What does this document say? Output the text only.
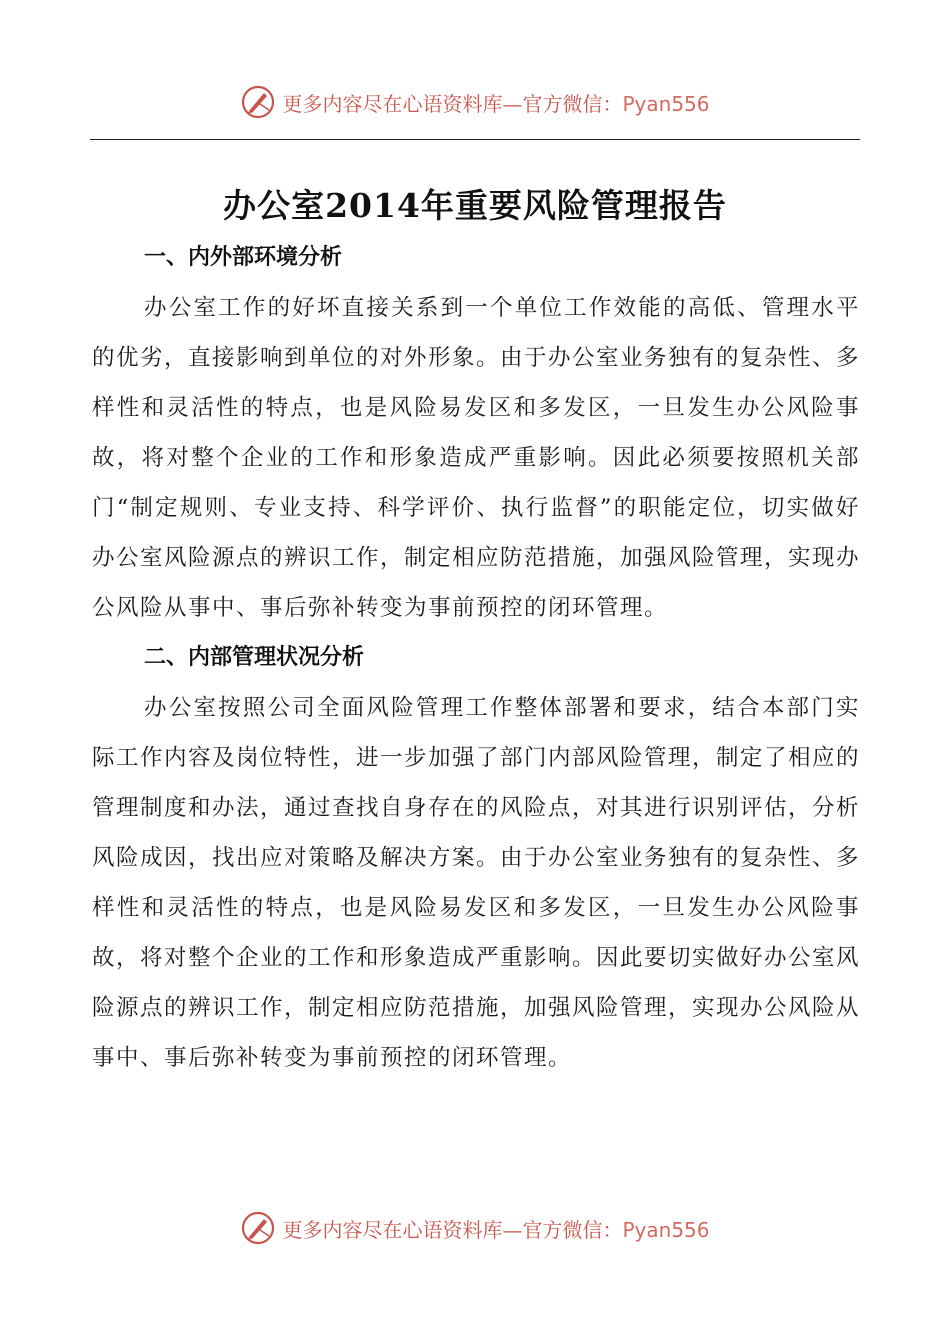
更多内容尽在心语资料库—官方微信：Pyan556
办公室2014年重要风险管理报告

一、内外部环境分析

办公室工作的好坏直接关系到一个单位工作效能的高低、管理水平的优劣，直接影响到单位的对外形象。由于办公室业务独有的复杂性、多样性和灵活性的特点，也是风险易发区和多发区，一旦发生办公风险事故，将对整个企业的工作和形象造成严重影响。因此必须要按照机关部门“制定规则、专业支持、科学评价、执行监督”的职能定位，切实做好办公室风险源点的辨识工作，制定相应防范措施，加强风险管理，实现办公风险从事中、事后弥补转变为事前预控的闭环管理。

二、内部管理状况分析

办公室按照公司全面风险管理工作整体部署和要求，结合本部门实际工作内容及岗位特性，进一步加强了部门内部风险管理，制定了相应的管理制度和办法，通过查找自身存在的风险点，对其进行识别评估，分析风险成因，找出应对策略及解决方案。由于办公室业务独有的复杂性、多样性和灵活性的特点，也是风险易发区和多发区，一旦发生办公风险事故，将对整个企业的工作和形象造成严重影响。因此要切实做好办公室风险源点的辨识工作，制定相应防范措施，加强风险管理，实现办公风险从事中、事后弥补转变为事前预控的闭环管理。

更多内容尽在心语资料库—官方微信：Pyan556
